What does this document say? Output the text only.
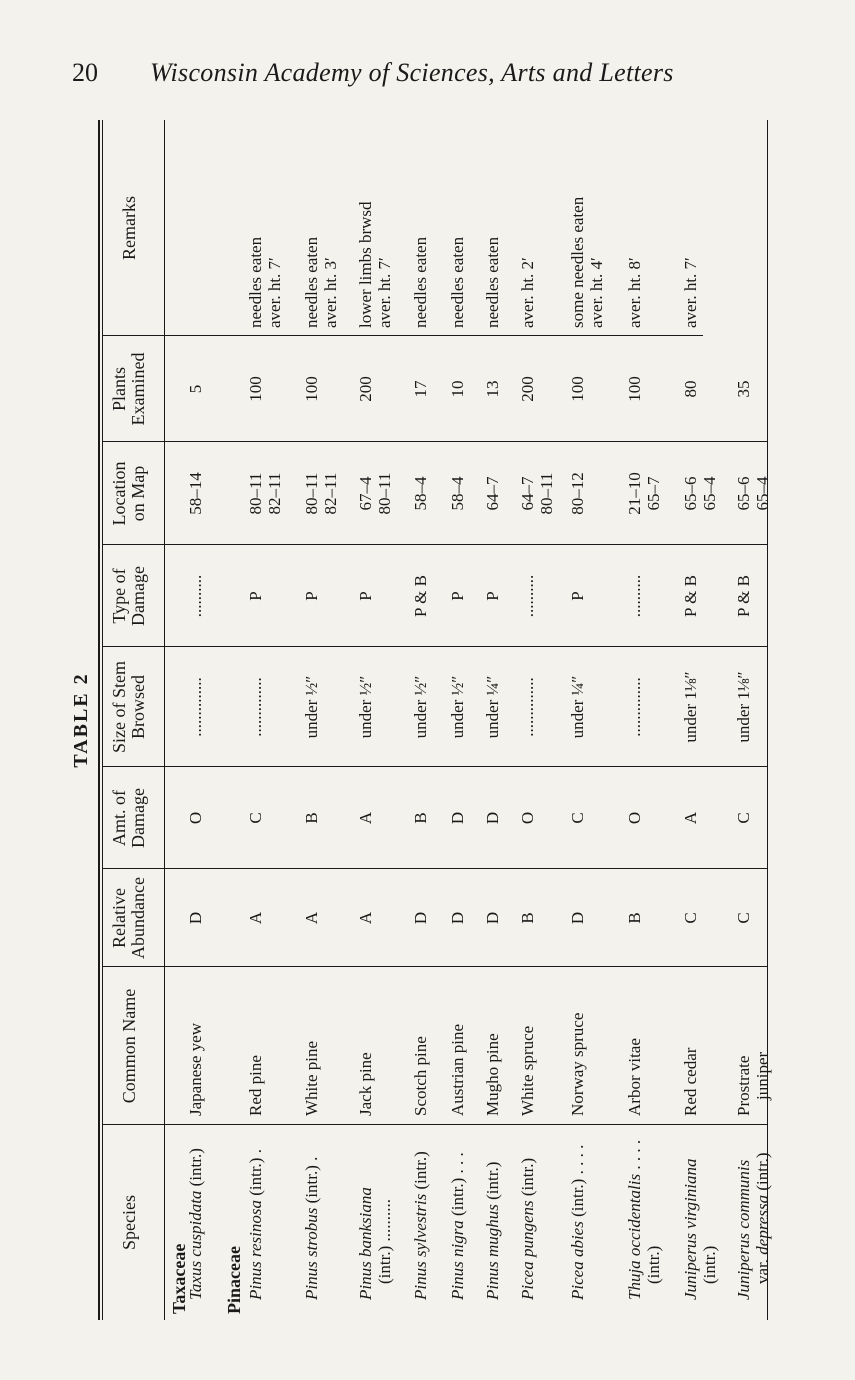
20 Wisconsin Academy of Sciences, Arts and Letters
TABLE 2
Species
Common Name
Relative Abundance
Amt. of Damage
Size of Stem Browsed
Type of Damage
Location on Map
Plants Examined
Remarks
Taxaceae Pinaceae
Taxus cuspidata (intr.)
Japanese yew
D
O
..............
..........
58–14
5
Pinus resinosa (intr.) .
Red pine
A
C
..............
P
80–11 82–11
100
needles eaten aver. ht. 7′
Pinus strobus (intr.) .
White pine
A
B
under ½″
P
80–11 82–11
100
needles eaten aver. ht. 3′
Pinus banksiana (intr.) ..........
Jack pine
A
A
under ½″
P
67–4 80–11
200
lower limbs brwsd aver. ht. 7′
Pinus sylvestris (intr.)
Scotch pine
D
B
under ½″
P & B
58–4
17
needles eaten
Pinus nigra (intr.) . . .
Austrian pine
D
D
under ½″
P
58–4
10
needles eaten
Pinus mughus (intr.)
Mugho pine
D
D
under ¼″
P
64–7
13
needles eaten
Picea pungens (intr.)
White spruce
B
O
..............
..........
64–7 80–11
200
aver. ht. 2′
Picea abies (intr.) . . . .
Norway spruce
D
C
under ¼″
P
80–12
100
some needles eaten aver. ht. 4′
Thuja occidentalis . . . .
(intr.)
Arbor vitae
B
O
..............
..........
21–10 65–7
100
aver. ht. 8′
Juniperus virginiana (intr.)
Red cedar
C
A
under 1⅛″
P & B
65–6 65–4
80
aver. ht. 7′
Juniperus communis var. depressa (intr.)
Prostrate juniper
C
C
under 1⅛″
P & B
65–6 65–4
35
